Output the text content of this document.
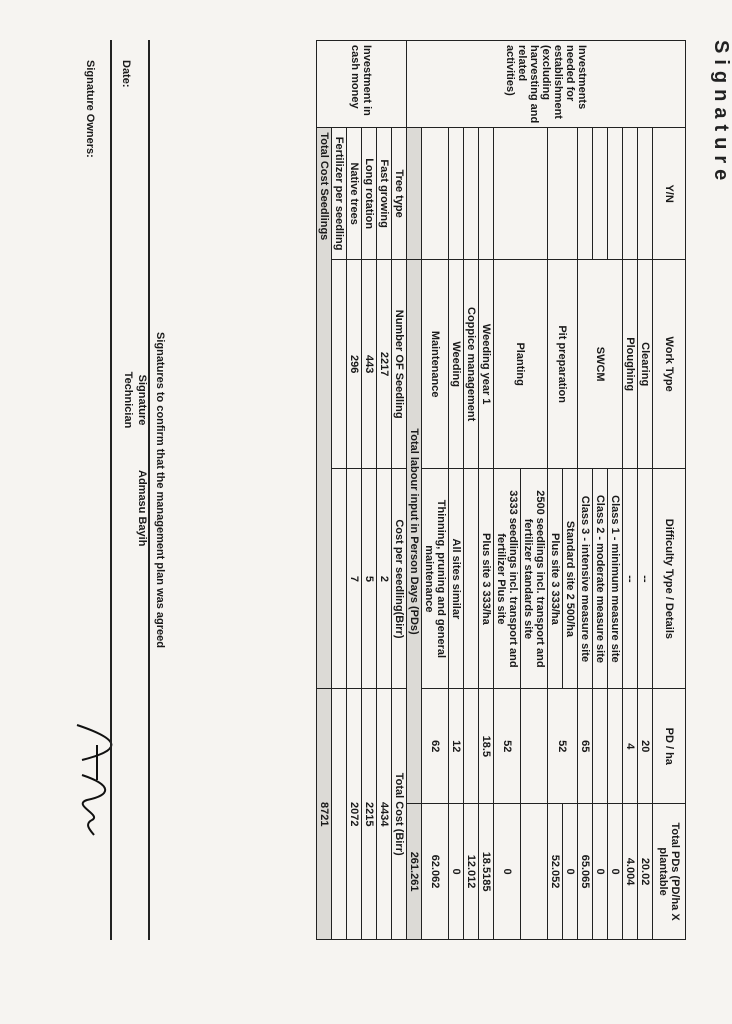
Signature
Investments needed for establishment (excluding harvesting and related activities)	Y/N	Work Type	Difficulty Type / Details	PD / ha	Total PDs (PD/ha X plantable
		Clearing	--	20	20.02
		Ploughing	--	4	4.004
		SWCM	Class 1 - minimum measure site		0
			Class 2 - moderate measure site		0
			Class 3 - intensive measure site	65	65.065
		Pit preparation	Standard site 2 500/ha	52	0
			Plus site 3 333/ha		52.052
		Planting	2500 seedlings incl. transport and fertilizer standards site		
			3333 seedlings incl. transport and fertilizer Plus site	52	0
		Weeding year 1	Plus site 3 333/ha	18.5	18.5185
		Coppice management			12.012
		Weeding	All sites similar	12	0
		Maintenance	Thinning, pruning and general maintenance	62	62.062
		Total labour input in Person Days (PDs)			261.261
Investment in cash money	Tree type	Number OF Seedling	Cost per seedling(Birr)	Total Cost (Birr)	
	Fast growing	2217	2	4434	
	Long rotation	443	5	2215	
	Native trees	296	7	2072	
	Fertilizer per seedling				
	Total Cost Seedlings			8721	
Signatures to confirm that the management plan was agreed
Signature
Technician
Admasu Bayih
Date:
Signature Owners:
